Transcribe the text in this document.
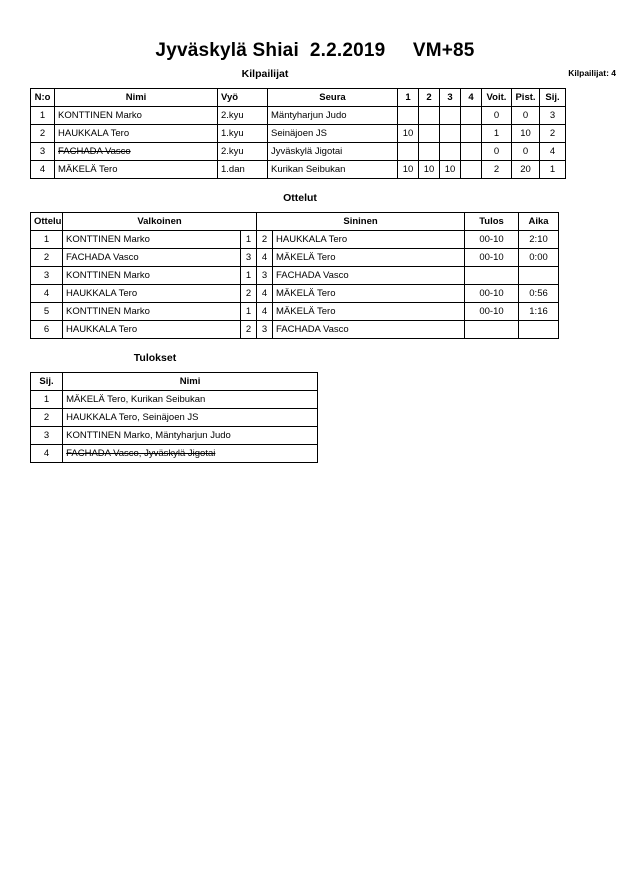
Jyväskylä Shiai  2.2.2019     VM+85
Kilpailijat	Kilpailijat: 4
N:o	Nimi	Vyö	Seura	1	2	3	4	Voit.	Pist.	Sij.
1	KONTTINEN Marko	2.kyu	Mäntyharjun Judo					0	0	3
2	HAUKKALA Tero	1.kyu	Seinäjoen JS	10				1	10	2
3	FACHADA Vasco	2.kyu	Jyväskylä Jigotai					0	0	4
4	MÄKELÄ Tero	1.dan	Kurikan Seibukan	10	10	10		2	20	1
Ottelut
Ottelu	Valkoinen		Sininen		Tulos	Aika
1	KONTTINEN Marko	1	2	HAUKKALA Tero	00-10	2:10
2	FACHADA Vasco	3	4	MÄKELÄ Tero	00-10	0:00
3	KONTTINEN Marko	1	3	FACHADA Vasco		
4	HAUKKALA Tero	2	4	MÄKELÄ Tero	00-10	0:56
5	KONTTINEN Marko	1	4	MÄKELÄ Tero	00-10	1:16
6	HAUKKALA Tero	2	3	FACHADA Vasco		
Tulokset
Sij.	Nimi
1	MÄKELÄ Tero, Kurikan Seibukan
2	HAUKKALA Tero, Seinäjoen JS
3	KONTTINEN Marko, Mäntyharjun Judo
4	FACHADA Vasco, Jyväskylä Jigotai
